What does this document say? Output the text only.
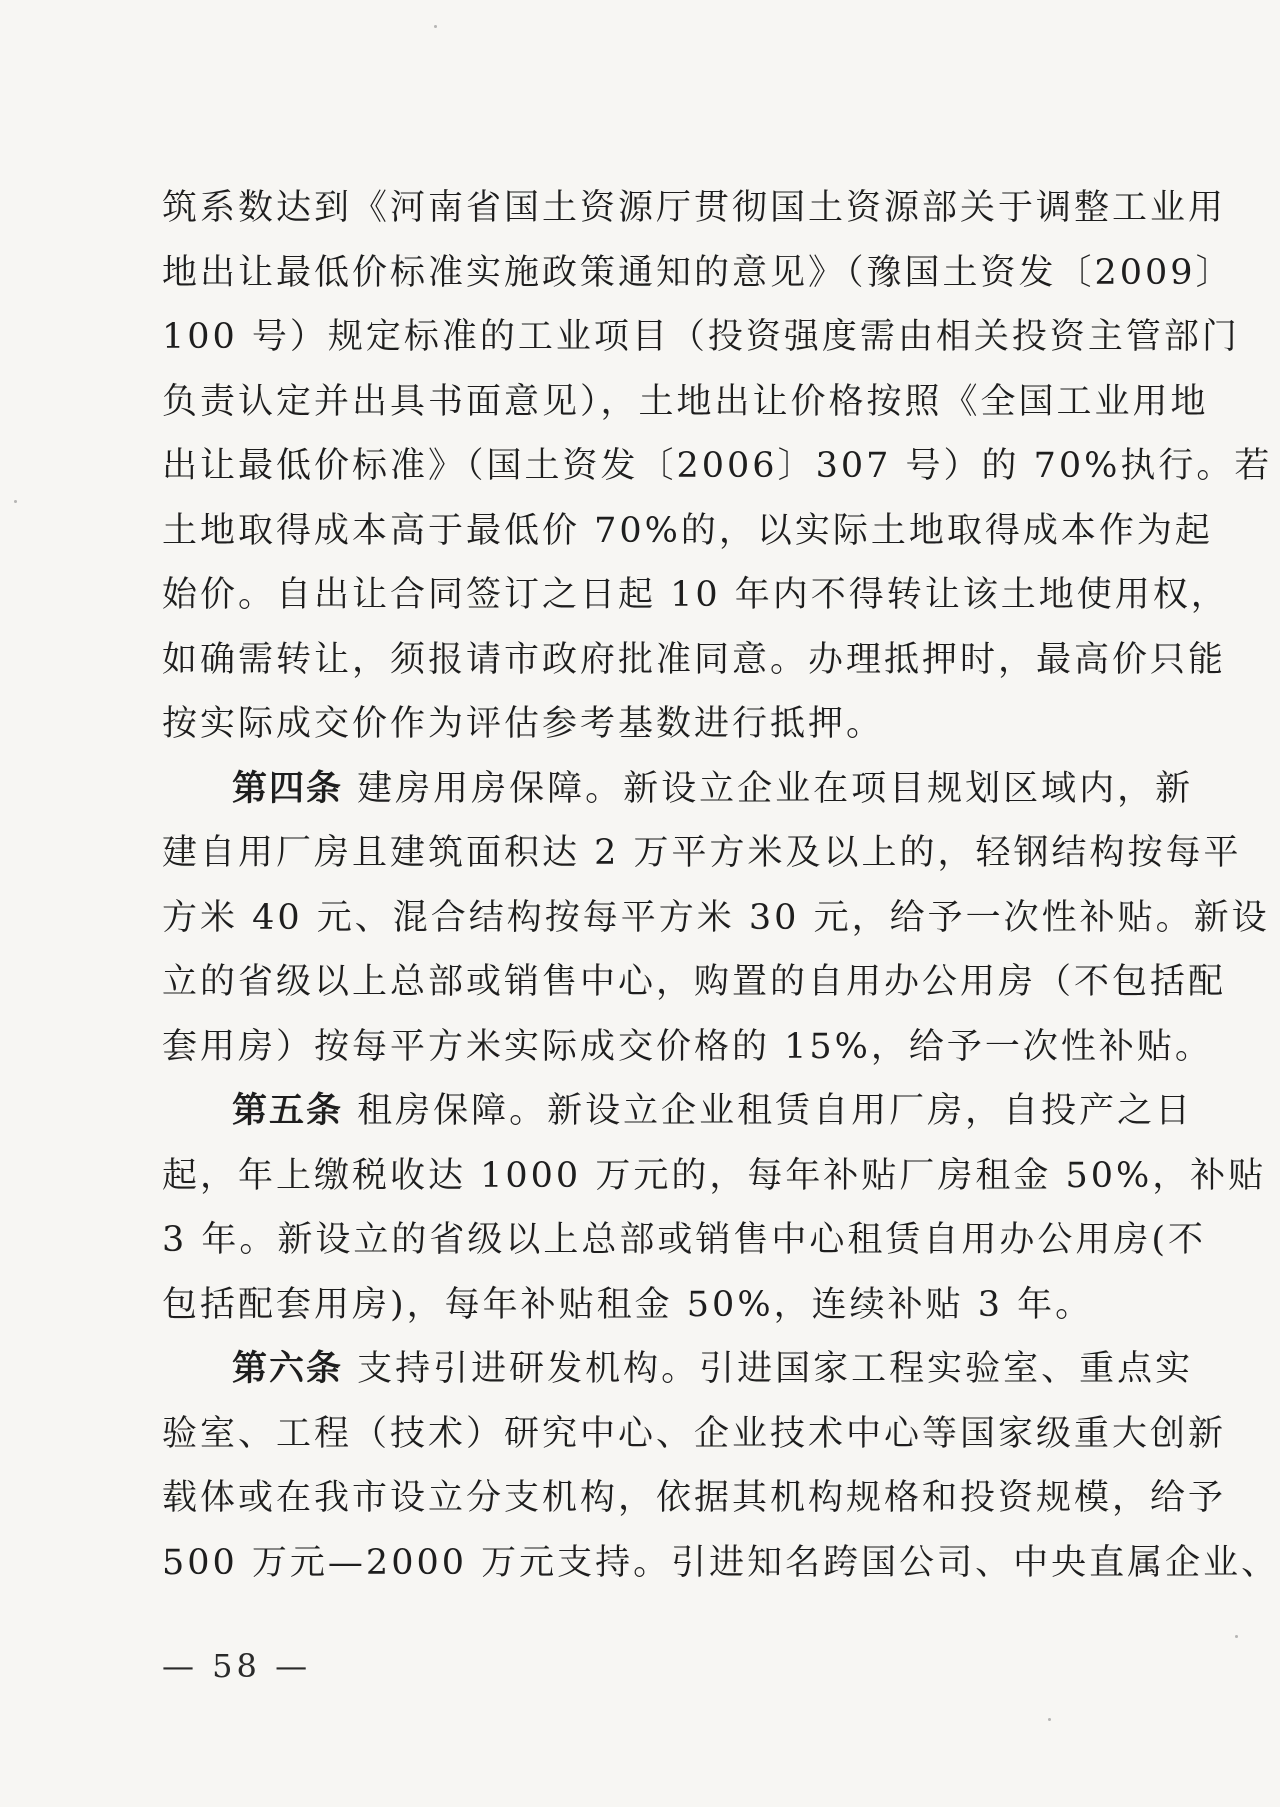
筑系数达到《河南省国土资源厅贯彻国土资源部关于调整工业用
地出让最低价标准实施政策通知的意见》（豫国土资发〔2009〕
100 号）规定标准的工业项目（投资强度需由相关投资主管部门
负责认定并出具书面意见），土地出让价格按照《全国工业用地
出让最低价标准》（国土资发〔2006〕307 号）的 70%执行。若
土地取得成本高于最低价 70%的，以实际土地取得成本作为起
始价。自出让合同签订之日起 10 年内不得转让该土地使用权，
如确需转让，须报请市政府批准同意。办理抵押时，最高价只能
按实际成交价作为评估参考基数进行抵押。
第四条 建房用房保障。新设立企业在项目规划区域内，新
建自用厂房且建筑面积达 2 万平方米及以上的，轻钢结构按每平
方米 40 元、混合结构按每平方米 30 元，给予一次性补贴。新设
立的省级以上总部或销售中心，购置的自用办公用房（不包括配
套用房）按每平方米实际成交价格的 15%，给予一次性补贴。
第五条 租房保障。新设立企业租赁自用厂房，自投产之日
起，年上缴税收达 1000 万元的，每年补贴厂房租金 50%，补贴
3 年。新设立的省级以上总部或销售中心租赁自用办公用房(不
包括配套用房)，每年补贴租金 50%，连续补贴 3 年。
第六条 支持引进研发机构。引进国家工程实验室、重点实
验室、工程（技术）研究中心、企业技术中心等国家级重大创新
载体或在我市设立分支机构，依据其机构规格和投资规模，给予
500 万元—2000 万元支持。引进知名跨国公司、中央直属企业、
— 58 —
